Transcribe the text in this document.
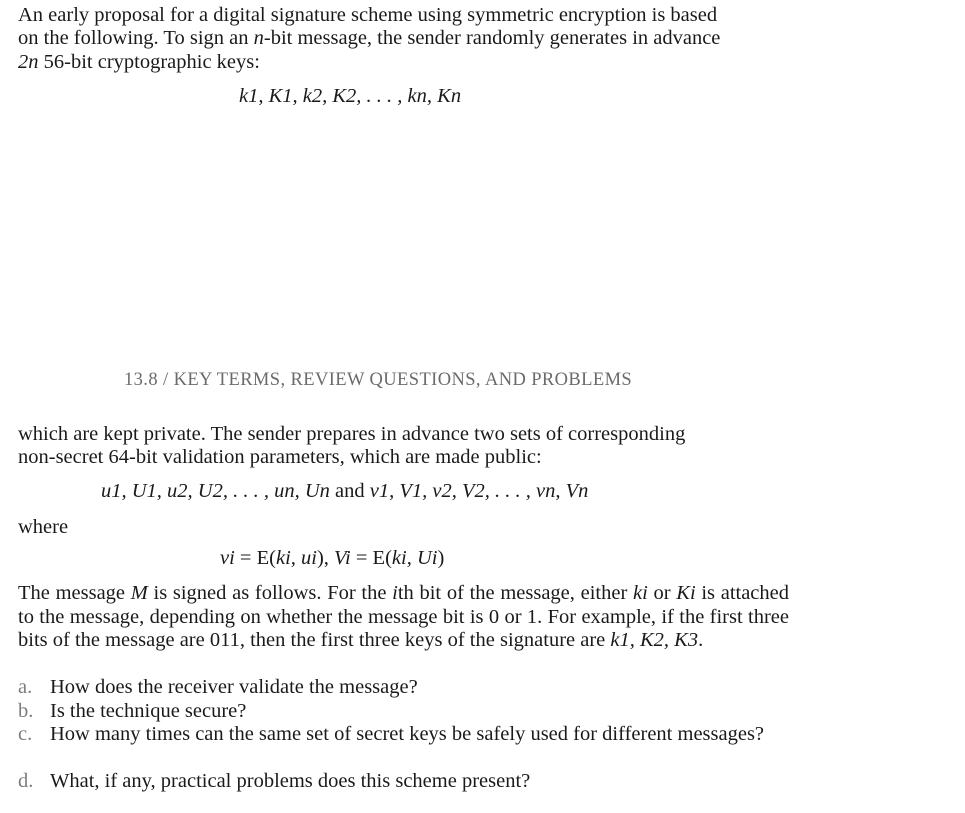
An early proposal for a digital signature scheme using symmetric encryption is based
on the following. To sign an n-bit message, the sender randomly generates in advance
2n 56-bit cryptographic keys:
k1, K1, k2, K2, . . . , kn, Kn
13.8 / KEY TERMS, REVIEW QUESTIONS, AND PROBLEMS
which are kept private. The sender prepares in advance two sets of corresponding
non-secret 64-bit validation parameters, which are made public:
u1, U1, u2, U2, . . . , un, Un and v1, V1, v2, V2, . . . , vn, Vn
where
vi = E(ki, ui), Vi = E(ki, Ui)
The message M is signed as follows. For the ith bit of the message, either ki or Ki is attached to the message, depending on whether the message bit is 0 or 1. For example, if the first three bits of the message are 011, then the first three keys of the signature are k1, K2, K3.
a. How does the receiver validate the message?
b. Is the technique secure?
c. How many times can the same set of secret keys be safely used for different messages?
d. What, if any, practical problems does this scheme present?
